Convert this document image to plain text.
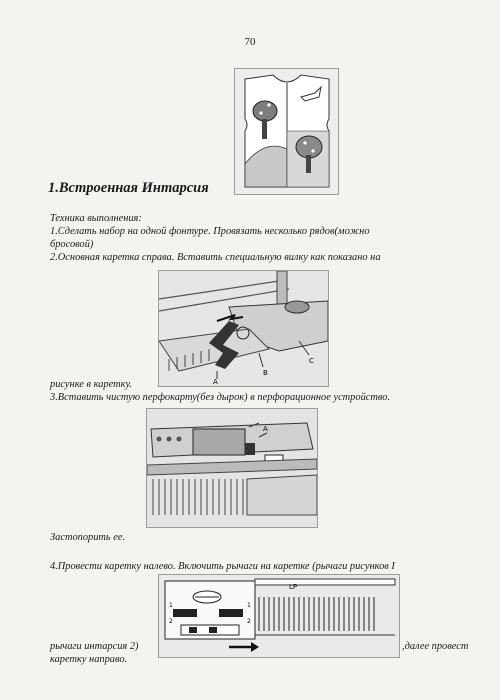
70
1.Встроенная Интарсия
Техника выполнения:
1.Сделать набор на одной фонтуре. Провязать несколько рядов(можно
бросовой)
2.Основная каретка справа. Вставить специальную вилку как показано на
A
B
C
рисунке в каретку.
3.Вставить чистую перфокарту(без дырок) в перфорационное устройство.
A
Застопорить ее.
4.Провести каретку налево. Включить рычаги на каретке (рычаги рисунков I
1
2	2
1
LP
рычаги интарсия 2)	,далее провест
каретку направо.
